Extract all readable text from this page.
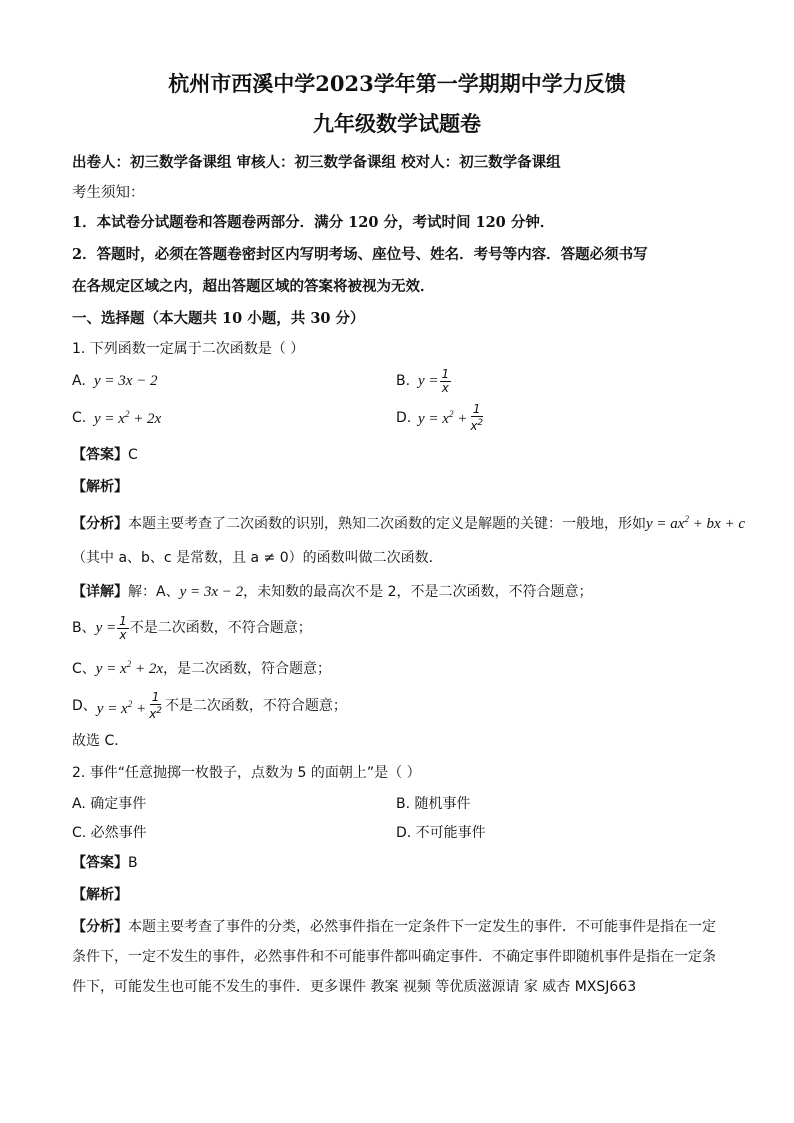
杭州市西溪中学2023学年第一学期期中学力反馈
九年级数学试题卷
出卷人：初三数学备课组 审核人：初三数学备课组 校对人：初三数学备课组
考生须知：
1．本试卷分试题卷和答题卷两部分．满分 120 分，考试时间 120 分钟．
2．答题时，必须在答题卷密封区内写明考场、座位号、姓名．考号等内容．答题必须书写
在各规定区域之内，超出答题区域的答案将被视为无效．
一、选择题（本大题共 10 小题，共 30 分）
1. 下列函数一定属于二次函数是（ ）
A. y = 3x − 2	B. $y = \frac{1}{x}$
C. $y = x^2 + 2x$	D. $y = x^2 + \frac{1}{x^2}$
【答案】C
【解析】
【分析】本题主要考查了二次函数的识别，熟知二次函数的定义是解题的关键：一般地，形如$y = ax^2$ + bx + c
（其中 a、b、c 是常数，且 a ≠ 0）的函数叫做二次函数．
【详解】解：A、y = 3x − 2，未知数的最高次不是 2，不是二次函数，不符合题意；
B、 $y = \frac{1}{x}$ 不是二次函数，不符合题意；
C、$y = x^2 + 2x$，是二次函数，符合题意；
D、 $y = x^2 + \frac{1}{x^2}$ 不是二次函数，不符合题意；
故选 C．
2. 事件“任意抛掷一枚骰子，点数为 5 的面朝上”是（ ）
A. 确定事件	B. 随机事件
C. 必然事件	D. 不可能事件
【答案】B
【解析】
【分析】本题主要考查了事件的分类，必然事件指在一定条件下一定发生的事件．不可能事件是指在一定
条件下，一定不发生的事件，必然事件和不可能事件都叫确定事件．不确定事件即随机事件是指在一定条
件下，可能发生也可能不发生的事件．更多课件 教案 视频 等优质滋源请 家 威杏 MXSJ663
